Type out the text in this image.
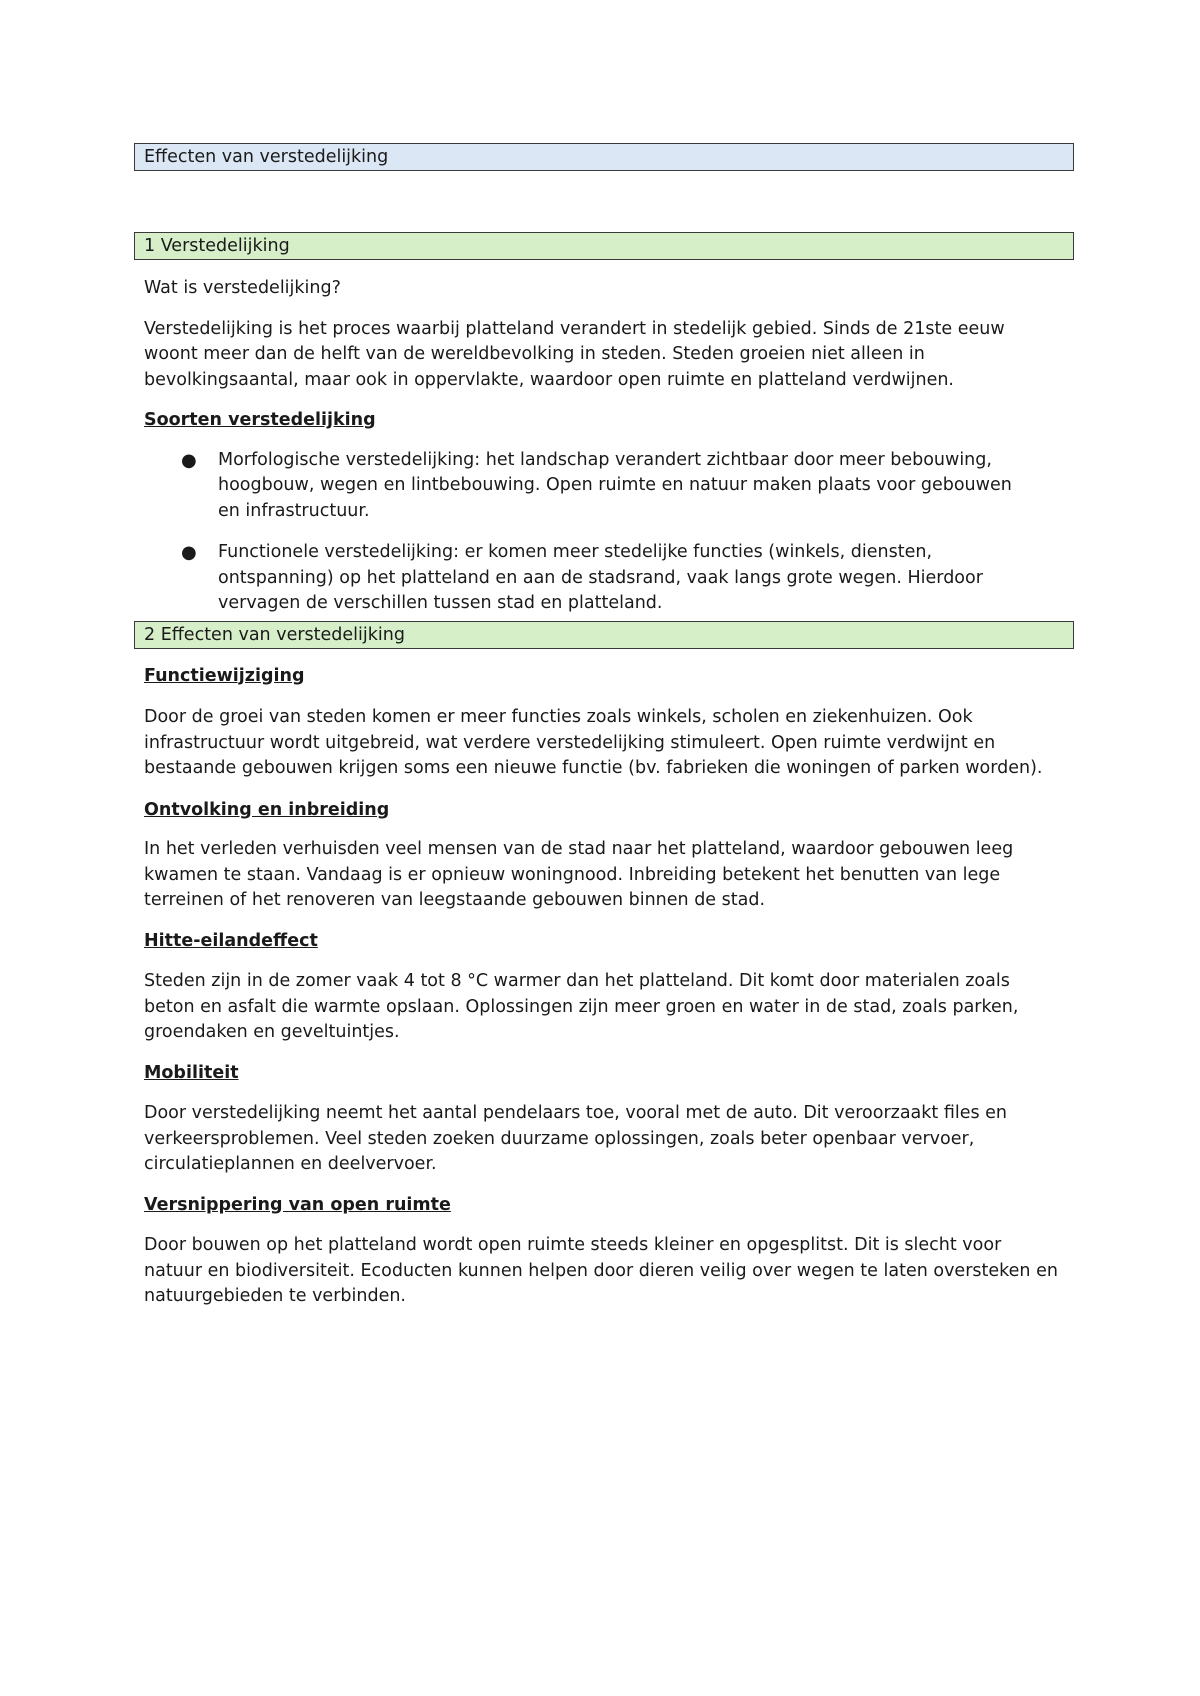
Effecten van verstedelijking
1 Verstedelijking

Wat is verstedelijking?

Verstedelijking is het proces waarbij platteland verandert in stedelijk gebied. Sinds de 21ste eeuw woont meer dan de helft van de wereldbevolking in steden. Steden groeien niet alleen in bevolkingsaantal, maar ook in oppervlakte, waardoor open ruimte en platteland verdwijnen.

Soorten verstedelijking

● Morfologische verstedelijking: het landschap verandert zichtbaar door meer bebouwing, hoogbouw, wegen en lintbebouwing. Open ruimte en natuur maken plaats voor gebouwen en infrastructuur.
● Functionele verstedelijking: er komen meer stedelijke functies (winkels, diensten, ontspanning) op het platteland en aan de stadsrand, vaak langs grote wegen. Hierdoor vervagen de verschillen tussen stad en platteland.
2 Effecten van verstedelijking

Functiewijziging

Door de groei van steden komen er meer functies zoals winkels, scholen en ziekenhuizen. Ook infrastructuur wordt uitgebreid, wat verdere verstedelijking stimuleert. Open ruimte verdwijnt en bestaande gebouwen krijgen soms een nieuwe functie (bv. fabrieken die woningen of parken worden).

Ontvolking en inbreiding

In het verleden verhuisden veel mensen van de stad naar het platteland, waardoor gebouwen leeg kwamen te staan. Vandaag is er opnieuw woningnood. Inbreiding betekent het benutten van lege terreinen of het renoveren van leegstaande gebouwen binnen de stad.

Hitte-eilandeffect

Steden zijn in de zomer vaak 4 tot 8 °C warmer dan het platteland. Dit komt door materialen zoals beton en asfalt die warmte opslaan. Oplossingen zijn meer groen en water in de stad, zoals parken, groendaken en geveltuintjes.

Mobiliteit

Door verstedelijking neemt het aantal pendelaars toe, vooral met de auto. Dit veroorzaakt files en verkeersproblemen. Veel steden zoeken duurzame oplossingen, zoals beter openbaar vervoer, circulatieplannen en deelvervoer.

Versnippering van open ruimte

Door bouwen op het platteland wordt open ruimte steeds kleiner en opgesplitst. Dit is slecht voor natuur en biodiversiteit. Ecoducten kunnen helpen door dieren veilig over wegen te laten oversteken en natuurgebieden te verbinden.
